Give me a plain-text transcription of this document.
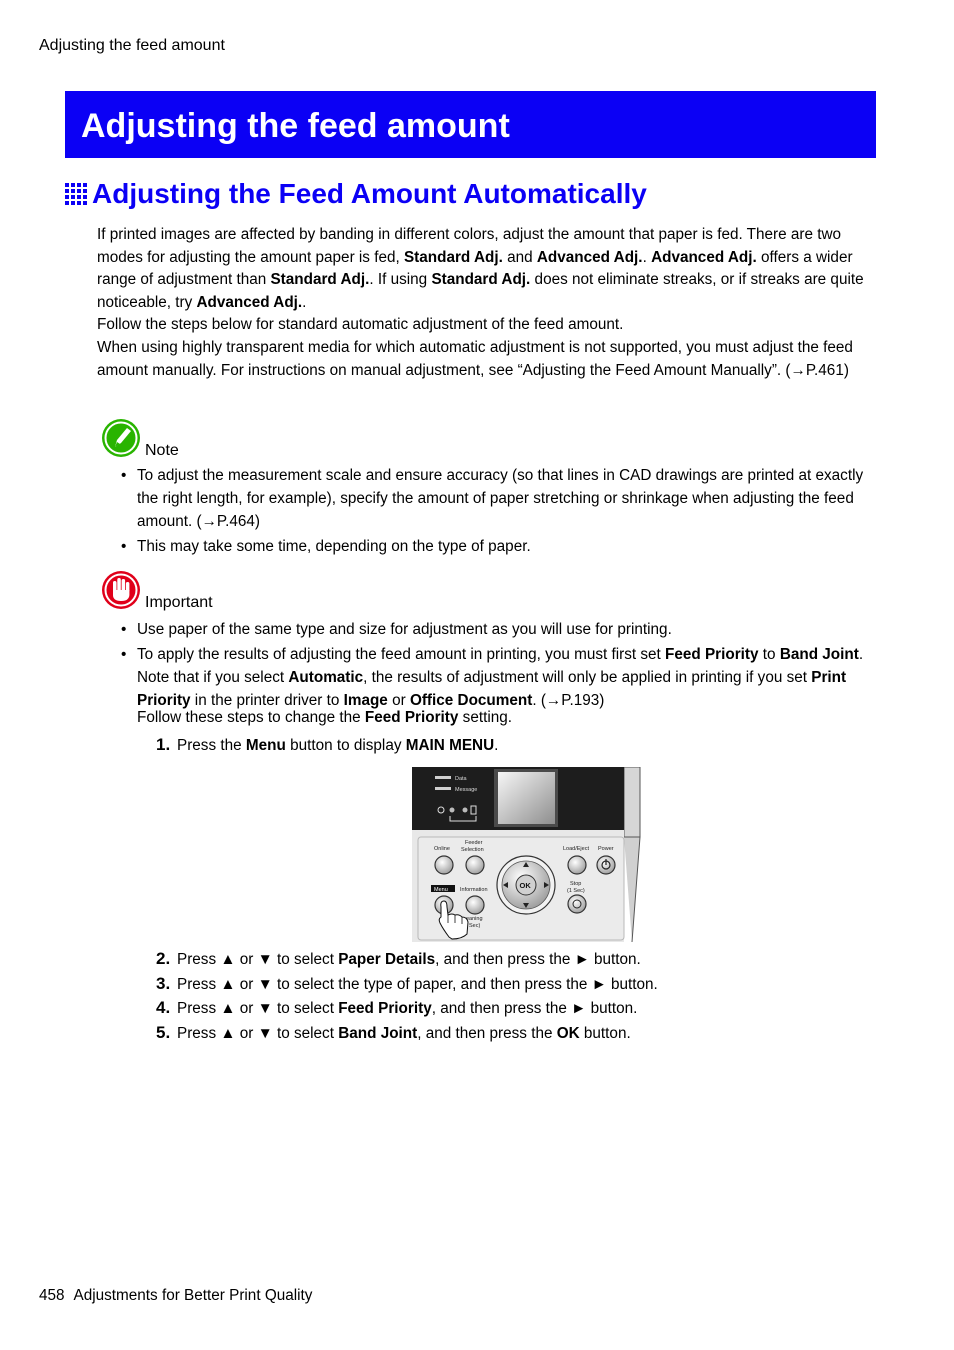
Adjusting the feed amount
Adjusting the feed amount
Adjusting the Feed Amount Automatically

If printed images are affected by banding in different colors, adjust the amount that paper is fed. There are two modes for adjusting the amount paper is fed, Standard Adj. and Advanced Adj.. Advanced Adj. offers a wider range of adjustment than Standard Adj.. If using Standard Adj. does not eliminate streaks, or if streaks are quite noticeable, try Advanced Adj..

Follow the steps below for standard automatic adjustment of the feed amount.

When using highly transparent media for which automatic adjustment is not supported, you must adjust the feed amount manually. For instructions on manual adjustment, see “Adjusting the Feed Amount Manually”. (→P.461)

Note
• To adjust the measurement scale and ensure accuracy (so that lines in CAD drawings are printed at exactly the right length, for example), specify the amount of paper stretching or shrinkage when adjusting the feed amount. (→P.464)
• This may take some time, depending on the type of paper.
Important
• Use paper of the same type and size for adjustment as you will use for printing.
• To apply the results of adjusting the feed amount in printing, you must first set Feed Priority to Band Joint. Note that if you select Automatic, the results of adjustment will only be applied in printing if you set Print Priority in the printer driver to Image or Office Document. (→P.193)
Follow these steps to change the Feed Priority setting.
1. Press the Menu button to display MAIN MENU.
Data
Message
Online
Feeder
Selection	Load/Eject Power
Menu Information
Stop
(1 Sec)
OK
eaning
Sec)
2. Press ▲ or ▼ to select Paper Details, and then press the ► button.
3. Press ▲ or ▼ to select the type of paper, and then press the ► button.
4. Press ▲ or ▼ to select Feed Priority, and then press the ► button.
5. Press ▲ or ▼ to select Band Joint, and then press the OK button.
458 Adjustments for Better Print Quality
